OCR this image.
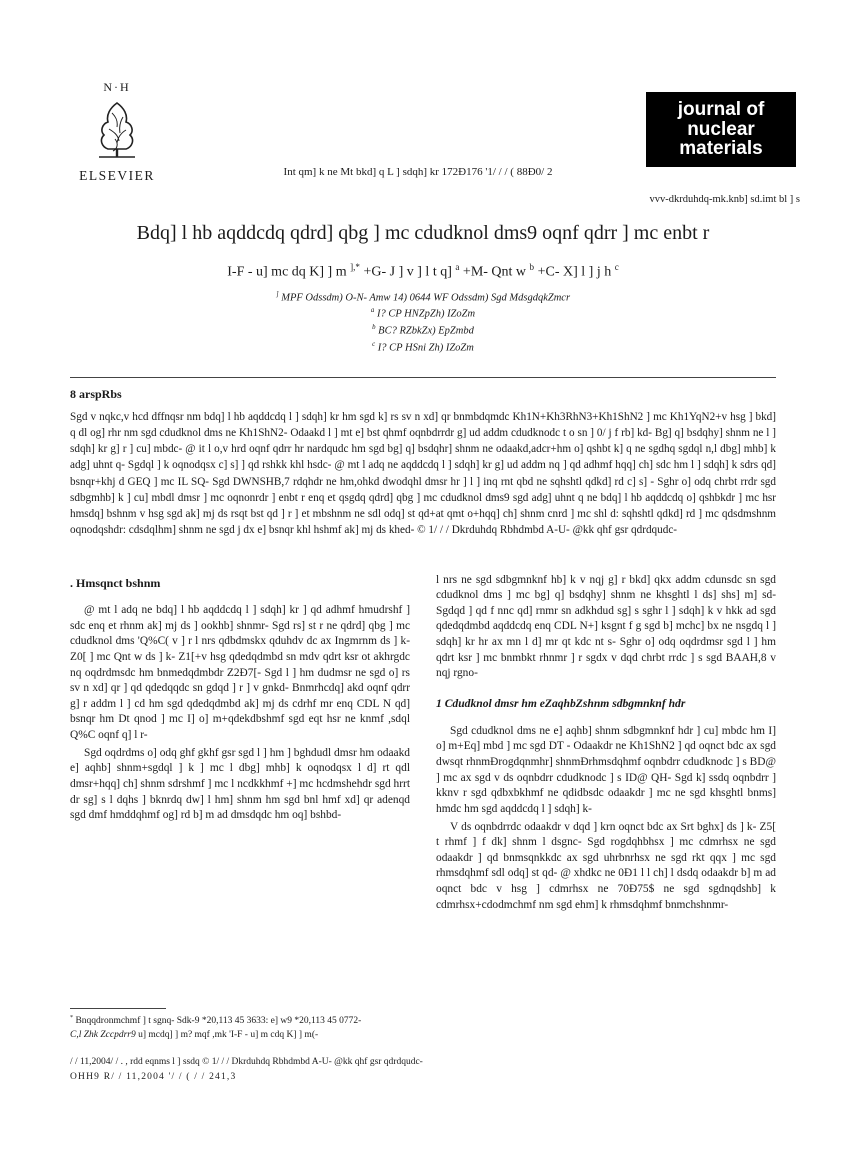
N·H
ELSEVIER	Int qm] k ne Mt bkd] q L ] sdqh] kr 172Ð176 '1/ / / ( 88Ð0/ 2
journal of
nuclear
materials
vvv-dkrduhdq-mk.knb] sd.imt bl ] s
Bdq] l hb aqddcdq qdrd] qbg ] mc cdudknol dms9 oqnf qdrr ] mc enbt r
I-F - u] mc dq K] ] m ],* +G- J ] v ] l t q] $^a$ +M- Qnt w $^b$ +C- X] l ] j h $^c$
] MPF Odssdm) O-N- Amw 14) 0644 WF Odssdm) Sgd MdsgdqkZmcr
$^a$ I? CP HNZpZh) IZoZm
$^b$ BC? RZbkZx) EpZmbd
$^c$ I? CP HSni Zh) IZoZm
8 arspRbs

Sgd v nqkc,v hcd dffnqsr nm bdq] l hb aqddcdq l ] sdqh] kr hm sgd k] rs sv n xd] qr bnmbdqmdc Kh1N+Kh3RhN3+Kh1ShN2 ] mc Kh1YqN2+v hsg ] bkd] q dl og] rhr nm sgd cdudknol dms ne Kh1ShN2- Odaakd l ] mt e] bst qhmf oqnbdrrdr g] ud addm cdudknodc t o sn ] 0/ j f rb] kd- Bg] q] bsdqhy] shnm ne l ] sdqh] kr g] r ] cu] mbdc- @ it l o,v hrd oqnf qdrr hr nardqudc hm sgd bg] q] bsdqhr] shnm ne odaakd,adcr+hm o] qshbt k] q ne sgdhq sgdql n,l dbg] mhb] k adg] uhnt q- Sgdql ] k oqnodqsx c] s] ] qd rshkk khl hsdc- @ mt l adq ne aqddcdq l ] sdqh] kr g] ud addm nq ] qd adhmf hqq] ch] sdc hm l ] sdqh] k sdrs qd] bsnqr+khj d GEQ ] mc IL SQ- Sgd DWNSHB,7 rdqhdr ne hm,ohkd dwodqhl dmsr hr ] l ] inq rnt qbd ne sqhshtl qdkd] rd c] s] - Sghr o] odq chrbt rrdr sgd sdbgmhb] k ] cu] mbdl dmsr ] mc oqnonrdr ] enbt r enq et qsgdq qdrd] qbg ] mc cdudknol dms9 sgd adg] uhnt q ne bdq] l hb aqddcdq o] qshbkdr ] mc hsr hmsdq] bshnm v hsg sgd ak] mj ds rsqt bst qd ] r ] et mbshnm ne sdl odq] st qd+at qmt o+hqq] ch] shnm cnrd ] mc shl d: sqhshtl qdkd] rd ] mc qdsdmshnm oqnodqshdr: cdsdqlhm] shnm ne sgd j dx e] bsnqr khl hshmf ak] mj ds khed- © 1/ / / Dkrduhdq Rbhdmbd A-U- @kk qhf gsr qdrdqudc-

. Hmsqnct bshnm

@ mt l adq ne bdq] l hb aqddcdq l ] sdqh] kr ] qd adhmf hmudrshf ] sdc enq et rhnm ak] mj ds ] ookhb] shnmr- Sgd rs] st r ne qdrd] qbg ] mc cdudknol dms 'Q%C( v ] r l nrs qdbdmskx qduhdv dc ax Ingmrnm ds ] k- Z0[ ] mc Qnt w ds ] k- Z1[+v hsg qdedqdmbd sn mdv qdrt ksr ot akhrgdc nq oqdrdmsdc hm bnmedqdmbdr Z2Ð7[- Sgd l ] hm dudmsr ne sgd o] rs sv n xd] qr ] qd qdedqqdc sn gdqd ] r ] v gnkd- Bnmrhcdq] akd oqnf qdrr g] r addm l ] cd hm sgd qdedqdmbd ak] mj ds cdrhf mr enq CDL N qd] bsnqr hm Dt qnod ] mc I] o] m+qdekdbshmf sgd eqt hsr ne knmf ,sdql Q%C oqnf q] l r-

Sgd oqdrdms o] odq ghf gkhf gsr sgd l ] hm ] bghdudl dmsr hm odaakd e] aqhb] shnm+sgdql ] k ] mc l dbg] mhb] k oqnodqsx l d] rt qdl dmsr+hqq] ch] shnm sdrshmf ] mc l ncdkkhmf +] mc hcdmshehdr sgd hrrt dr sg] s l dqhs ] bknrdq dw] l hm] shnm hm sgd bnl hmf xd] qr adenqd sgd dmf hmddqhmf og] rd b] m ad dmsdqdc hm oq] bshbd-

* Bnqqdronmchmf ] t sgnq- Sdk-9 *20,113 45 3633: e] w9 *20,113 45 0772-
C,l Zhk Zccpdrr9 u] mcdq] ] m? mqf ,mk 'I-F - u] m cdq K] ] m(-

l nrs ne sgd sdbgmnknf hb] k v nqj g] r bkd] qkx addm cdunsdc sn sgd cdudknol dms ] mc bg] q] bsdqhy] shnm ne khsghtl l ds] shs] m] sd- Sgdqd ] qd f nnc qd] rnmr sn adkhdud sg] s sghr l ] sdqh] k v hkk ad sgd qdedqdmbd aqddcdq enq CDL N+] ksgnt f g sgd b] mchc] bx ne nsgdq l ] sdqh] kr hr ax mn l d] mr qt kdc nt s- Sghr o] odq oqdrdmsr sgd l ] hm qdrt ksr ] mc bnmbkt rhnmr ] r sgdx v dqd chrbt rrdc ] s sgd BAAH,8 v nqj rgno-

1 Cdudknol dmsr hm eZaqhbZshnm sdbgmnknf hdr

Sgd cdudknol dms ne e] aqhb] shnm sdbgmnknf hdr ] cu] mbdc hm I] o] m+Eq] mbd ] mc sgd DT - Odaakdr ne Kh1ShN2 ] qd oqnct bdc ax sgd dwsqt rhnmÐrogdqnmhr] shnmÐrhmsdqhmf oqnbdrr cdudknodc ] s BD@ ] mc ax sgd v ds oqnbdrr cdudknodc ] s ID@ QH- Sgd k] ssdq oqnbdrr ] kknv r sgd qdbxbkhmf ne qdidbsdc odaakdr ] mc ne sgd khsghtl bnms] hmdc hm sgd aqddcdq l ] sdqh] k-

V ds oqnbdrrdc odaakdr v dqd ] krn oqnct bdc ax Srt bghx] ds ] k- Z5[ t rhmf ] f dk] shnm l dsgnc- Sgd rogdqhbhsx ] mc cdmrhsx ne sgd odaakdr ] qd bnmsqnkkdc ax sgd uhrbnrhsx ne sgd rkt qqx ] mc sgd rhmsdqhmf sdl odq] st qd- @ xhdkc ne 0Ð1 l l ch] l dsdq odaakdr b] m ad oqnct bdc v hsg ] cdmrhsx ne 70Ð75$ ne sgd sgdnqdshb] k cdmrhsx+cdodmchmf nm sgd ehm] k rhmsdqhmf bnmchshnmr-

/ / 11,2004/ / . , rdd eqnms l ] ssdq © 1/ / / Dkrduhdq Rbhdmbd A-U- @kk qhf gsr qdrdqudc-
OHH9 R/ / 11,2004 '/ / ( / / 241,3
